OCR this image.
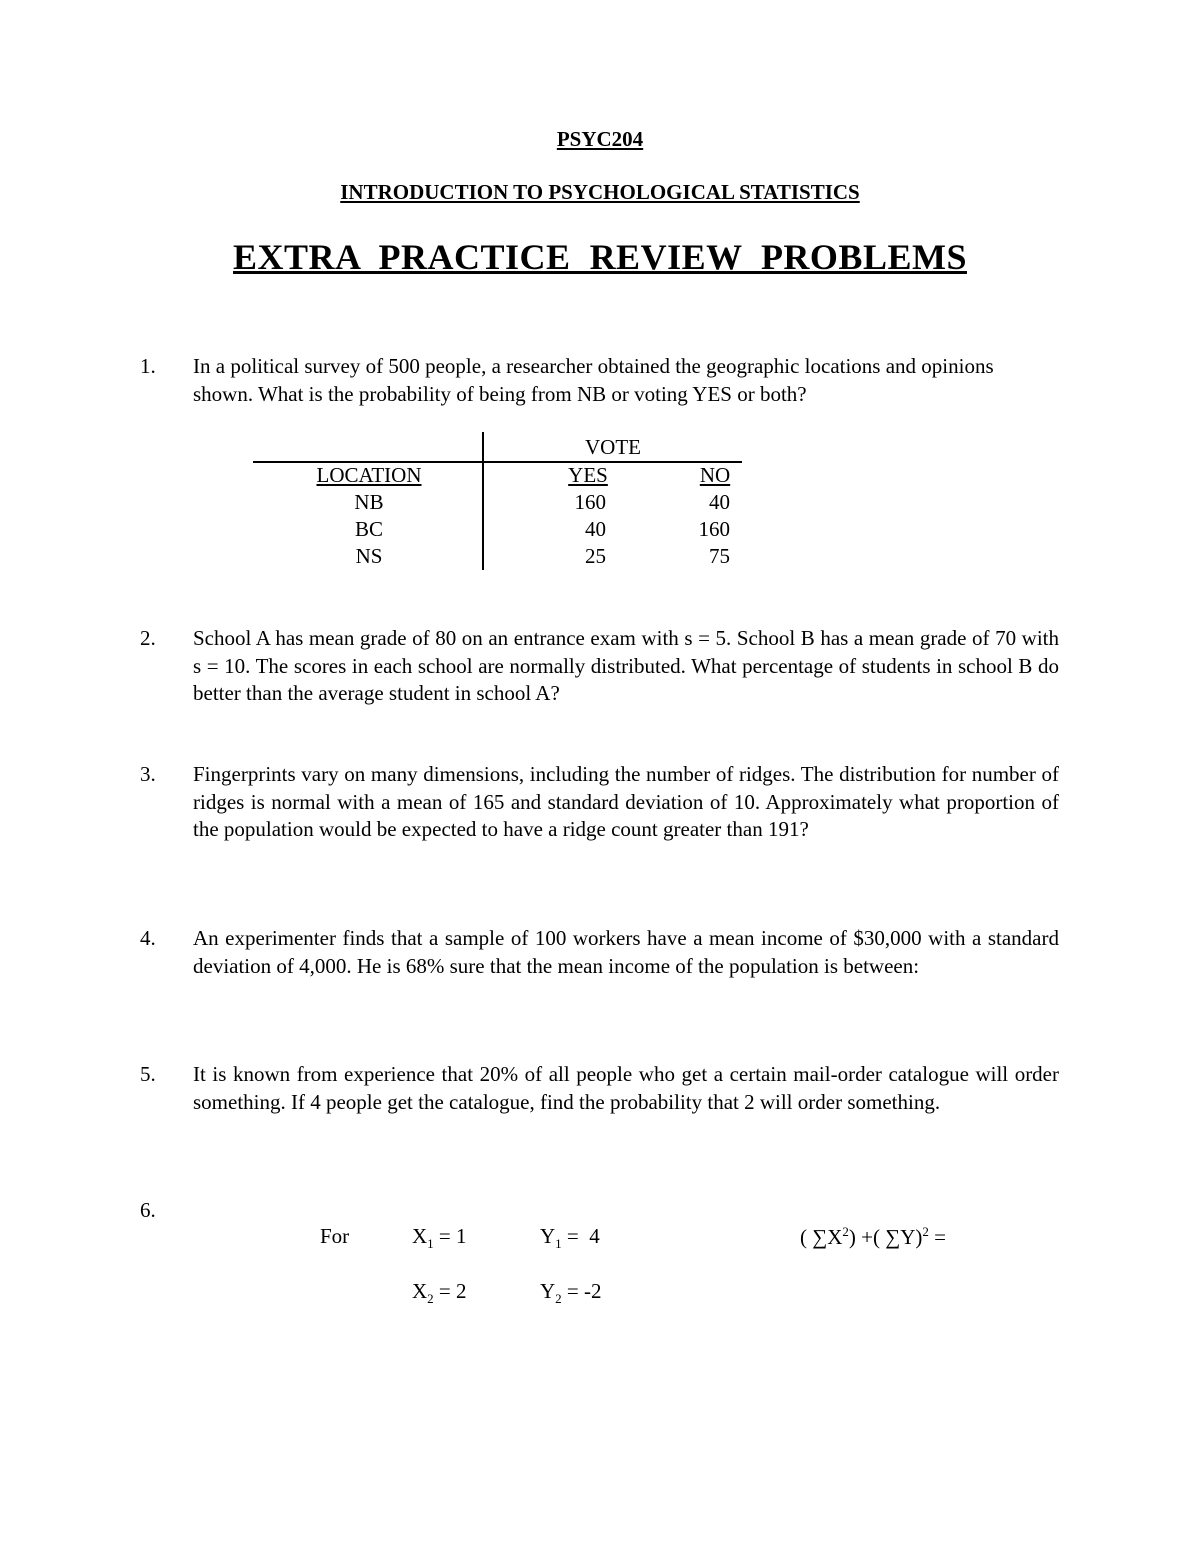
PSYC204
INTRODUCTION TO PSYCHOLOGICAL STATISTICS
EXTRA  PRACTICE  REVIEW  PROBLEMS
1. In a political survey of 500 people, a researcher obtained the geographic locations and opinions shown. What is the probability of being from NB or voting YES or both?
VOTE
LOCATION	YES	NO
NB	160	40
BC	40	160
NS	25	75
2. School A has mean grade of 80 on an entrance exam with s = 5. School B has a mean grade of 70 with s = 10. The scores in each school are normally distributed. What percentage of students in school B do better than the average student in school A?
3. Fingerprints vary on many dimensions, including the number of ridges. The distribution for number of ridges is normal with a mean of 165 and standard deviation of 10. Approximately what proportion of the population would be expected to have a ridge count greater than 191?
4. An experimenter finds that a sample of 100 workers have a mean income of $30,000 with a standard deviation of 4,000. He is 68% sure that the mean income of the population is between:
5. It is known from experience that 20% of all people who get a certain mail-order catalogue will order something. If 4 people get the catalogue, find the probability that 2 will order something.
6.
For	$X_1 = 1$	$Y_1 = 4$	( $\sum X^2$) +( ∑Y)$^2$ =
$X_2 = 2$	$Y_2 = -2$
